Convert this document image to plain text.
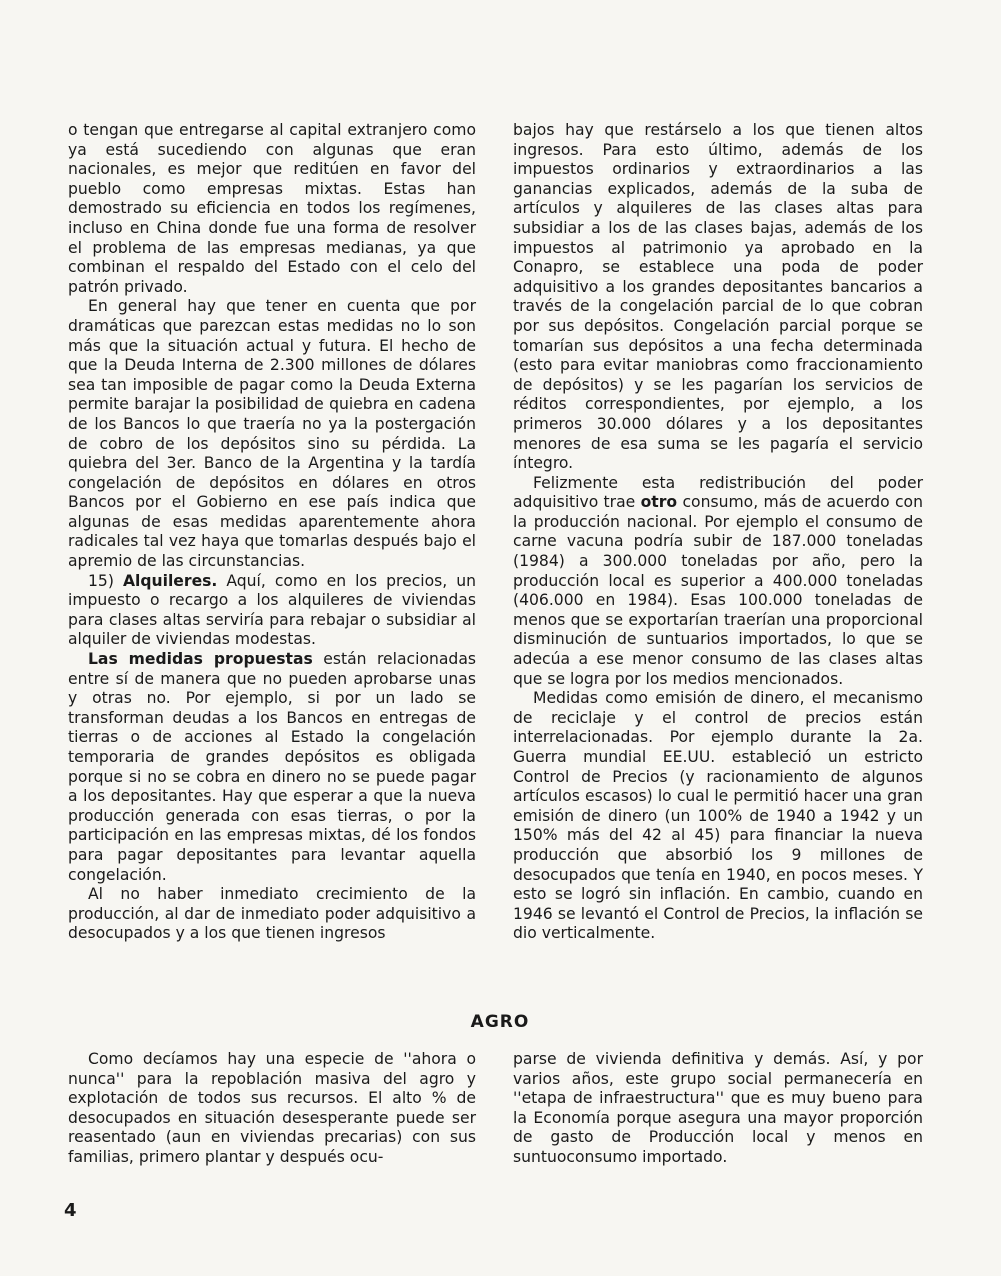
o tengan que entregarse al capital extranjero como ya está sucediendo con algunas que eran nacionales, es mejor que reditúen en favor del pueblo como empresas mixtas. Estas han demostrado su eficiencia en todos los regímenes, incluso en China donde fue una forma de resolver el problema de las empresas medianas, ya que combinan el respaldo del Estado con el celo del patrón privado.

En general hay que tener en cuenta que por dramáticas que parezcan estas medidas no lo son más que la situación actual y futura. El hecho de que la Deuda Interna de 2.300 millones de dólares sea tan imposible de pagar como la Deuda Externa permite barajar la posibilidad de quiebra en cadena de los Bancos lo que traería no ya la postergación de cobro de los depósitos sino su pérdida. La quiebra del 3er. Banco de la Argentina y la tardía congelación de depósitos en dólares en otros Bancos por el Gobierno en ese país indica que algunas de esas medidas aparentemente ahora radicales tal vez haya que tomarlas después bajo el apremio de las circunstancias.

15) Alquileres. Aquí, como en los precios, un impuesto o recargo a los alquileres de viviendas para clases altas serviría para rebajar o subsidiar al alquiler de viviendas modestas.

Las medidas propuestas están relacionadas entre sí de manera que no pueden aprobarse unas y otras no. Por ejemplo, si por un lado se transforman deudas a los Bancos en entregas de tierras o de acciones al Estado la congelación temporaria de grandes depósitos es obligada porque si no se cobra en dinero no se puede pagar a los depositantes. Hay que esperar a que la nueva producción generada con esas tierras, o por la participación en las empresas mixtas, dé los fondos para pagar depositantes para levantar aquella congelación.

Al no haber inmediato crecimiento de la producción, al dar de inmediato poder adquisitivo a desocupados y a los que tienen ingresos

bajos hay que restárselo a los que tienen altos ingresos. Para esto último, además de los impuestos ordinarios y extraordinarios a las ganancias explicados, además de la suba de artículos y alquileres de las clases altas para subsidiar a los de las clases bajas, además de los impuestos al patrimonio ya aprobado en la Conapro, se establece una poda de poder adquisitivo a los grandes depositantes bancarios a través de la congelación parcial de lo que cobran por sus depósitos. Congelación parcial porque se tomarían sus depósitos a una fecha determinada (esto para evitar maniobras como fraccionamiento de depósitos) y se les pagarían los servicios de réditos correspondientes, por ejemplo, a los primeros 30.000 dólares y a los depositantes menores de esa suma se les pagaría el servicio íntegro.

Felizmente esta redistribución del poder adquisitivo trae otro consumo, más de acuerdo con la producción nacional. Por ejemplo el consumo de carne vacuna podría subir de 187.000 toneladas (1984) a 300.000 toneladas por año, pero la producción local es superior a 400.000 toneladas (406.000 en 1984). Esas 100.000 toneladas de menos que se exportarían traerían una proporcional disminución de suntuarios importados, lo que se adecúa a ese menor consumo de las clases altas que se logra por los medios mencionados.

Medidas como emisión de dinero, el mecanismo de reciclaje y el control de precios están interrelacionadas. Por ejemplo durante la 2a. Guerra mundial EE.UU. estableció un estricto Control de Precios (y racionamiento de algunos artículos escasos) lo cual le permitió hacer una gran emisión de dinero (un 100% de 1940 a 1942 y un 150% más del 42 al 45) para financiar la nueva producción que absorbió los 9 millones de desocupados que tenía en 1940, en pocos meses. Y esto se logró sin inflación. En cambio, cuando en 1946 se levantó el Control de Precios, la inflación se dio verticalmente.

AGRO

Como decíamos hay una especie de ''ahora o nunca'' para la repoblación masiva del agro y explotación de todos sus recursos. El alto % de desocupados en situación desesperante puede ser reasentado (aun en viviendas precarias) con sus familias, primero plantar y después ocu-

parse de vivienda definitiva y demás. Así, y por varios años, este grupo social permanecería en ''etapa de infraestructura'' que es muy bueno para la Economía porque asegura una mayor proporción de gasto de Producción local y menos en suntuoconsumo importado.

4
